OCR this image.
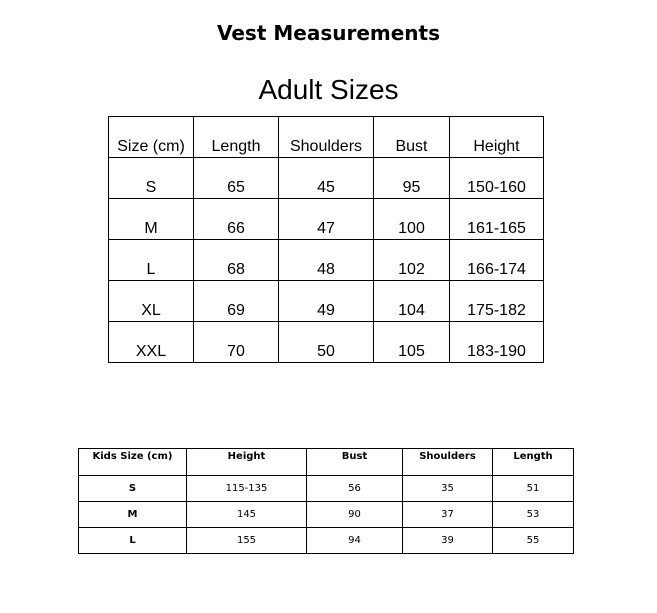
Vest Measurements
Adult Sizes
Size (cm)	Length	Shoulders	Bust	Height
S	65	45	95	150-160
M	66	47	100	161-165
L	68	48	102	166-174
XL	69	49	104	175-182
XXL	70	50	105	183-190
Kids Size (cm)	Height	Bust	Shoulders	Length
S	115-135	56	35	51
M	145	90	37	53
L	155	94	39	55
